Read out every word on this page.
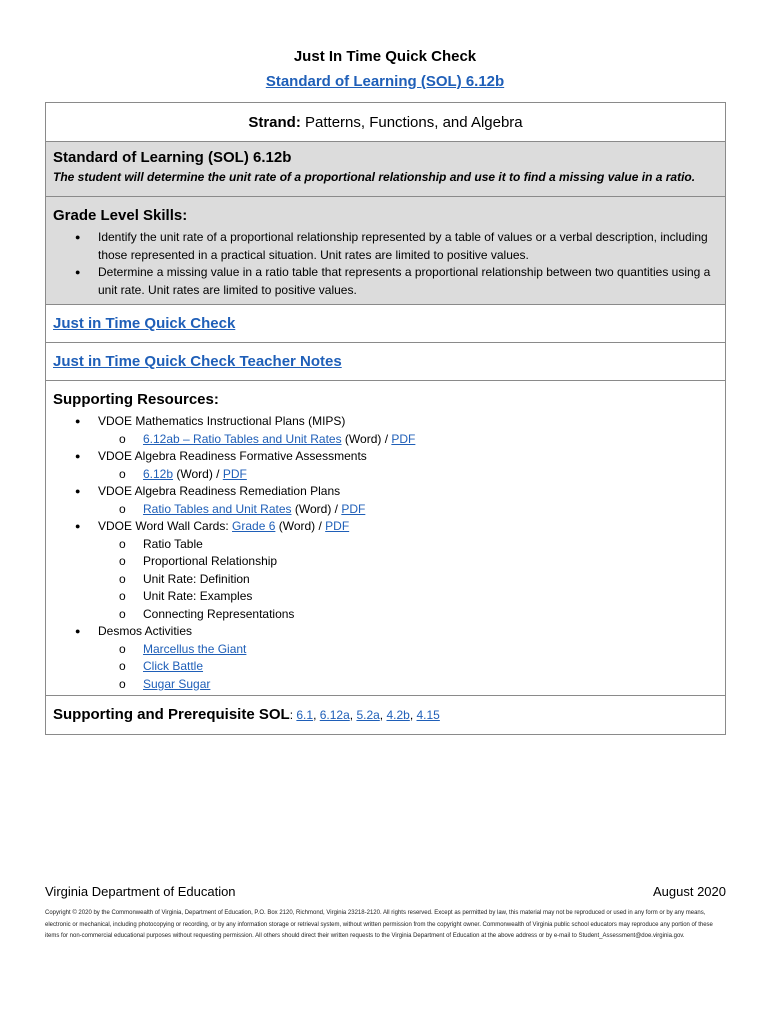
Just In Time Quick Check
Standard of Learning (SOL) 6.12b
Strand: Patterns, Functions, and Algebra
Standard of Learning (SOL) 6.12b
The student will determine the unit rate of a proportional relationship and use it to find a missing value in a ratio.
Grade Level Skills:
● Identify the unit rate of a proportional relationship represented by a table of values or a verbal description, including those represented in a practical situation. Unit rates are limited to positive values.
● Determine a missing value in a ratio table that represents a proportional relationship between two quantities using a unit rate. Unit rates are limited to positive values.
Just in Time Quick Check
Just in Time Quick Check Teacher Notes
Supporting Resources:
● VDOE Mathematics Instructional Plans (MIPS)
o 6.12ab – Ratio Tables and Unit Rates (Word) / PDF
● VDOE Algebra Readiness Formative Assessments
o 6.12b (Word) / PDF
● VDOE Algebra Readiness Remediation Plans
o Ratio Tables and Unit Rates (Word) / PDF
● VDOE Word Wall Cards: Grade 6 (Word) / PDF
o Ratio Table
o Proportional Relationship
o Unit Rate: Definition
o Unit Rate: Examples
o Connecting Representations
● Desmos Activities
o Marcellus the Giant
o Click Battle
o Sugar Sugar
Supporting and Prerequisite SOL: 6.1, 6.12a, 5.2a, 4.2b, 4.15
Virginia Department of Education	August 2020
Copyright © 2020 by the Commonwealth of Virginia, Department of Education, P.O. Box 2120, Richmond, Virginia 23218-2120. All rights reserved. Except as permitted by law, this material may not be reproduced or used in any form or by any means, electronic or mechanical, including photocopying or recording, or by any information storage or retrieval system, without written permission from the copyright owner. Commonwealth of Virginia public school educators may reproduce any portion of these items for non-commercial educational purposes without requesting permission. All others should direct their written requests to the Virginia Department of Education at the above address or by e-mail to Student_Assessment@doe.virginia.gov.
